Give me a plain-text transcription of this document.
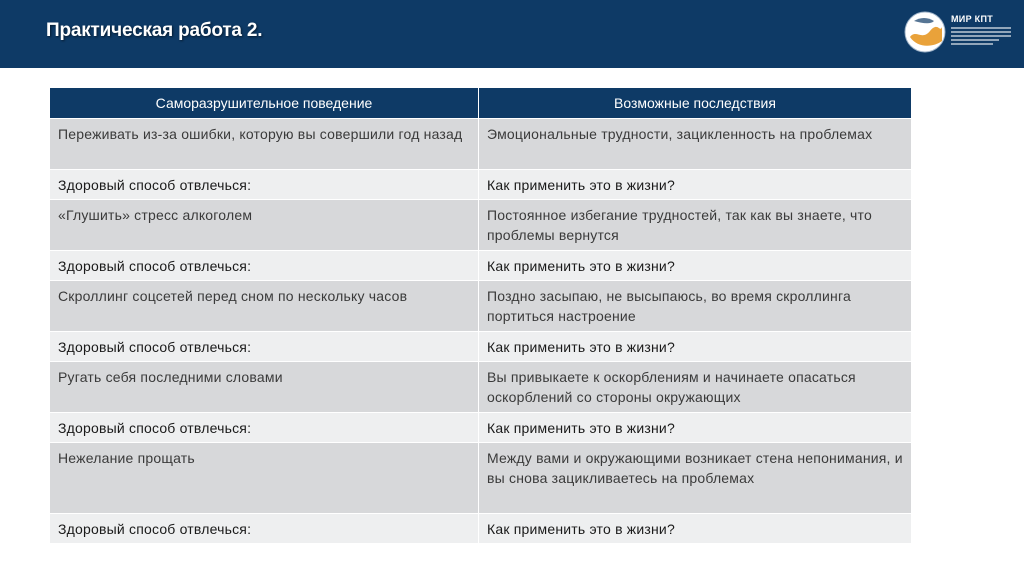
Практическая работа 2.
МИР КПТ
Саморазрушительное поведение	Возможные последствия
Переживать из-за ошибки, которую вы совершили год назад	Эмоциональные трудности, зацикленность на проблемах
Здоровый способ отвлечься:	Как применить это в жизни?
«Глушить» стресс алкоголем	Постоянное избегание трудностей, так как вы знаете, что проблемы вернутся
Здоровый способ отвлечься:	Как применить это в жизни?
Скроллинг соцсетей перед сном по нескольку часов	Поздно засыпаю, не высыпаюсь, во время скроллинга портиться настроение
Здоровый способ отвлечься:	Как применить это в жизни?
Ругать себя последними словами	Вы привыкаете к оскорблениям и начинаете опасаться оскорблений со стороны окружающих
Здоровый способ отвлечься:	Как применить это в жизни?
Нежелание прощать	Между вами и окружающими возникает стена непонимания, и вы снова зацикливаетесь на проблемах
Здоровый способ отвлечься:	Как применить это в жизни?
